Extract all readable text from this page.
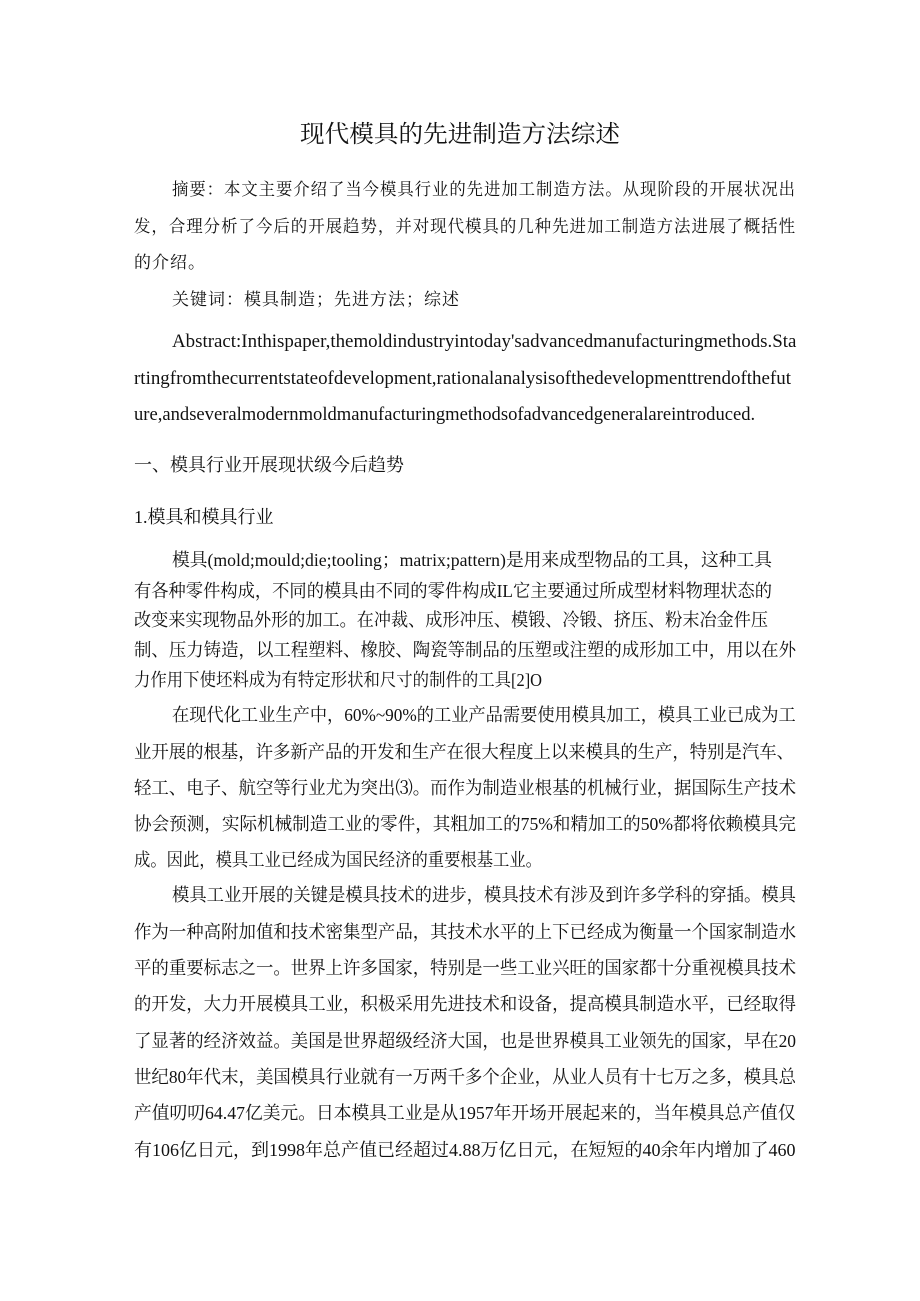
现代模具的先进制造方法综述
摘要：本文主要介绍了当今模具行业的先进加工制造方法。从现阶段的开展状况出
发，合理分析了今后的开展趋势，并对现代模具的几种先进加工制造方法进展了概括性
的介绍。
关键词：模具制造；先进方法；综述
Abstract:Inthispaper,themoldindustryintoday'sadvancedmanufacturingmethods.Sta
rtingfromthecurrentstateofdevelopment,rationalanalysisofthedevelopmenttrendofthefut
ure,andseveralmodernmoldmanufacturingmethodsofadvancedgeneralareintroduced.
一、模具行业开展现状级今后趋势
1.模具和模具行业
模具(mold;mould;die;tooling；matrix;pattern)是用来成型物品的工具，这种工具
有各种零件构成，不同的模具由不同的零件构成IL它主要通过所成型材料物理状态的
改变来实现物品外形的加工。在冲裁、成形冲压、模锻、冷锻、挤压、粉末冶金件压
制、压力铸造，以工程塑料、橡胶、陶瓷等制品的压塑或注塑的成形加工中，用以在外
力作用下使坯料成为有特定形状和尺寸的制件的工具[2]O
在现代化工业生产中，60%~90%的工业产品需要使用模具加工，模具工业已成为工
业开展的根基，许多新产品的开发和生产在很大程度上以来模具的生产，特别是汽车、
轻工、电子、航空等行业尤为突出⑶。而作为制造业根基的机械行业，据国际生产技术
协会预测，实际机械制造工业的零件，其粗加工的75%和精加工的50%都将依赖模具完
成。因此，模具工业已经成为国民经济的重要根基工业。
模具工业开展的关键是模具技术的进步，模具技术有涉及到许多学科的穿插。模具
作为一种高附加值和技术密集型产品，其技术水平的上下已经成为衡量一个国家制造水
平的重要标志之一。世界上许多国家，特别是一些工业兴旺的国家都十分重视模具技术
的开发，大力开展模具工业，积极采用先进技术和设备，提高模具制造水平，已经取得
了显著的经济效益。美国是世界超级经济大国，也是世界模具工业领先的国家，早在20
世纪80年代末，美国模具行业就有一万两千多个企业，从业人员有十七万之多，模具总
产值叨叨64.47亿美元。日本模具工业是从1957年开场开展起来的，当年模具总产值仅
有106亿日元，到1998年总产值已经超过4.88万亿日元，在短短的40余年内增加了460
